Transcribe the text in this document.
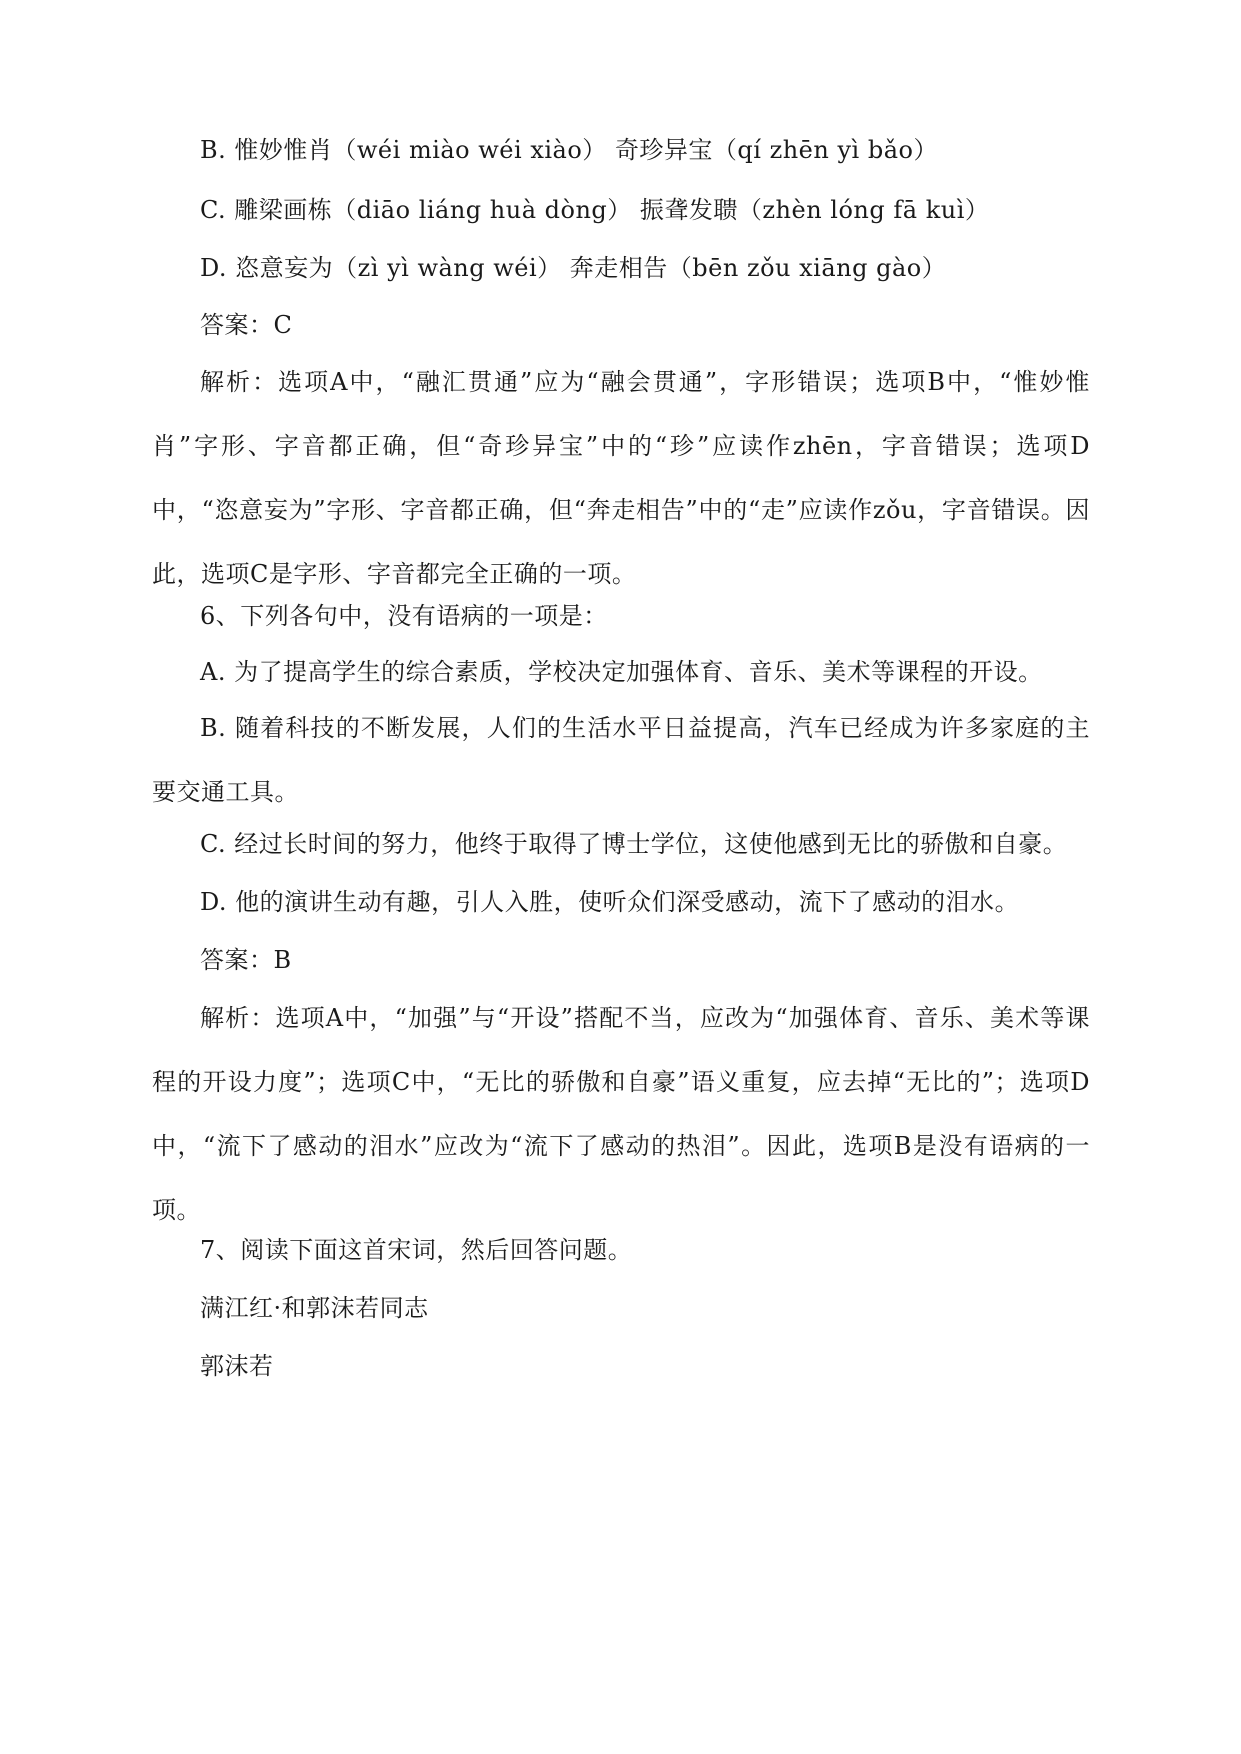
B. 惟妙惟肖（wéi miào wéi xiào） 奇珍异宝（qí zhēn yì bǎo）

C. 雕梁画栋（diāo liáng huà dòng） 振聋发聩（zhèn lóng fā kuì）

D. 恣意妄为（zì yì wàng wéi） 奔走相告（bēn zǒu xiāng gào）

答案：C

解析：选项A中，“融汇贯通”应为“融会贯通”，字形错误；选项B中，“惟妙惟肖”字形、字音都正确，但“奇珍异宝”中的“珍”应读作zhēn，字音错误；选项D中，“恣意妄为”字形、字音都正确，但“奔走相告”中的“走”应读作zǒu，字音错误。因此，选项C是字形、字音都完全正确的一项。

6、下列各句中，没有语病的一项是：

A. 为了提高学生的综合素质，学校决定加强体育、音乐、美术等课程的开设。

B. 随着科技的不断发展，人们的生活水平日益提高，汽车已经成为许多家庭的主要交通工具。

C. 经过长时间的努力，他终于取得了博士学位，这使他感到无比的骄傲和自豪。

D. 他的演讲生动有趣，引人入胜，使听众们深受感动，流下了感动的泪水。

答案：B

解析：选项A中，“加强”与“开设”搭配不当，应改为“加强体育、音乐、美术等课程的开设力度”；选项C中，“无比的骄傲和自豪”语义重复，应去掉“无比的”；选项D中，“流下了感动的泪水”应改为“流下了感动的热泪”。因此，选项B是没有语病的一项。

7、阅读下面这首宋词，然后回答问题。

满江红·和郭沫若同志

郭沫若
